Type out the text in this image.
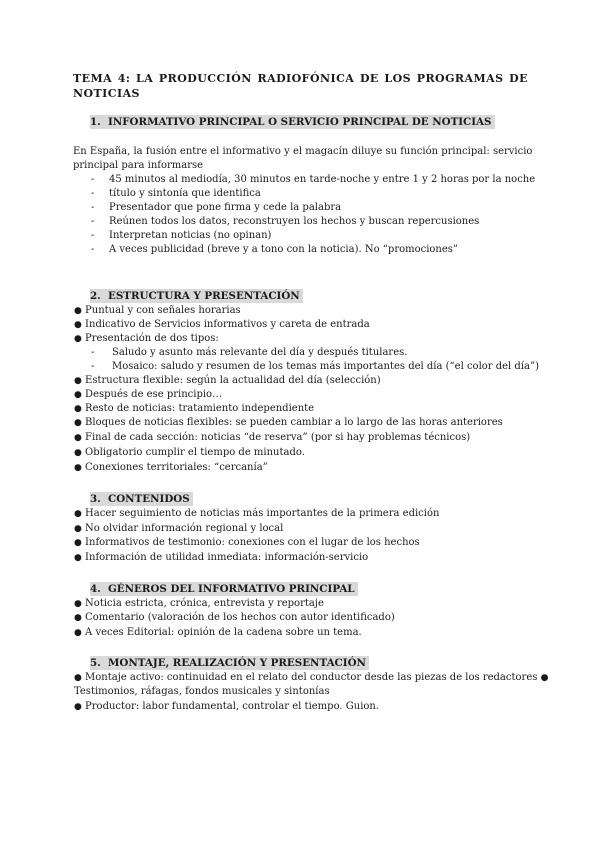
TEMA 4: LA PRODUCCIÓN RADIOFÓNICA DE LOS PROGRAMAS DE NOTICIAS
1. INFORMATIVO PRINCIPAL O SERVICIO PRINCIPAL DE NOTICIAS
En España, la fusión entre el informativo y el magacín diluye su función principal: servicio principal para informarse
- 45 minutos al mediodía, 30 minutos en tarde-noche y entre 1 y 2 horas por la noche
- título y sintonía que identifica
- Presentador que pone firma y cede la palabra
- Reúnen todos los datos, reconstruyen los hechos y buscan repercusiones
- Interpretan noticias (no opinan)
- A veces publicidad (breve y a tono con la noticia). No “promociones”
2. ESTRUCTURA Y PRESENTACIÓN
● Puntual y con señales horarias
● Indicativo de Servicios informativos y careta de entrada
● Presentación de dos tipos:
- Saludo y asunto más relevante del día y después titulares.
- Mosaico: saludo y resumen de los temas más importantes del día (“el color del día”)
● Estructura flexible: según la actualidad del día (selección)
● Después de ese principio…
● Resto de noticias: tratamiento independiente
● Bloques de noticias flexibles: se pueden cambiar a lo largo de las horas anteriores
● Final de cada sección: noticias “de reserva” (por si hay problemas técnicos)
● Obligatorio cumplir el tiempo de minutado.
● Conexiones territoriales: “cercanía”
3. CONTENIDOS
● Hacer seguimiento de noticias más importantes de la primera edición
● No olvidar información regional y local
● Informativos de testimonio: conexiones con el lugar de los hechos
● Información de utilidad inmediata: información-servicio
4. GÉNEROS DEL INFORMATIVO PRINCIPAL
● Noticia estricta, crónica, entrevista y reportaje
● Comentario (valoración de los hechos con autor identificado)
● A veces Editorial: opinión de la cadena sobre un tema.
5. MONTAJE, REALIZACIÓN Y PRESENTACIÓN
● Montaje activo: continuidad en el relato del conductor desde las piezas de los redactores ●
Testimonios, ráfagas, fondos musicales y sintonías
● Productor: labor fundamental, controlar el tiempo. Guion.
